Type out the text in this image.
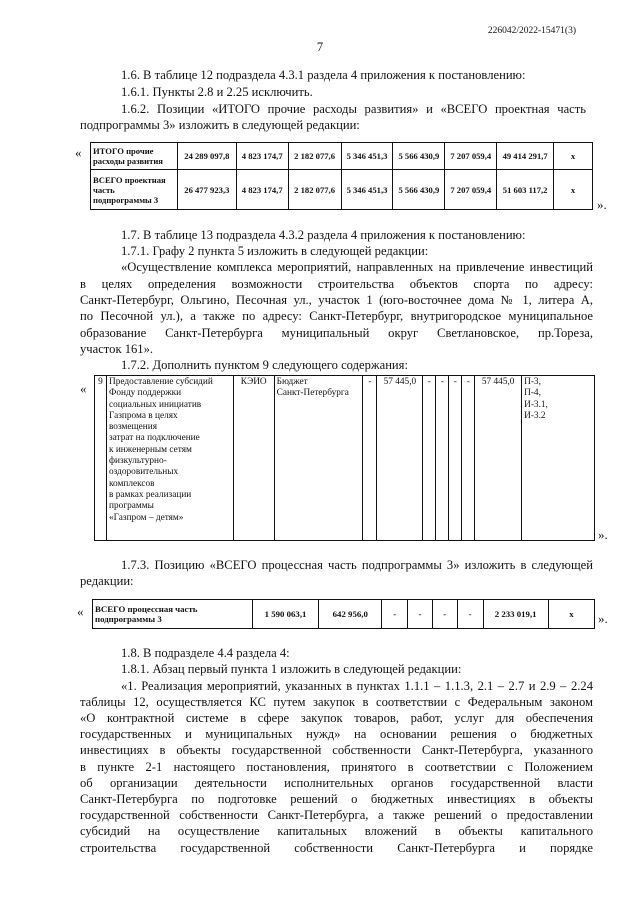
226042/2022-15471(3)
7
1.6. В таблице 12 подраздела 4.3.1 раздела 4 приложения к постановлению:
1.6.1. Пункты 2.8 и 2.25 исключить.
1.6.2. Позиции «ИТОГО прочие расходы развития» и «ВСЕГО проектная часть
подпрограммы 3» изложить в следующей редакции:
« ИТОГО прочие расходы развития	24 289 097,8	4 823 174,7	2 182 077,6	5 346 451,3	5 566 430,9	7 207 059,4	49 414 291,7	х
ВСЕГО проектная часть подпрограммы 3	26 477 923,3	4 823 174,7	2 182 077,6	5 346 451,3	5 566 430,9	7 207 059,4	51 603 117,2	х
».
1.7. В таблице 13 подраздела 4.3.2 раздела 4 приложения к постановлению:
1.7.1. Графу 2 пункта 5 изложить в следующей редакции:
«Осуществление комплекса мероприятий, направленных на привлечение инвестиций
в целях определения возможности строительства объектов спорта по адресу:
Санкт-Петербург, Ольгино, Песочная ул., участок 1 (юго-восточнее дома № 1, литера А,
по Песочной ул.), а также по адресу: Санкт-Петербург, внутригородское муниципальное
образование Санкт-Петербурга муниципальный округ Светлановское, пр.Тореза,
участок 161».
1.7.2. Дополнить пунктом 9 следующего содержания:
« 9	Предоставление субсидий
Фонду поддержки
социальных инициатив
Газпрома в целях
возмещения
затрат на подключение
к инженерным сетям
физкультурно-
оздоровительных
комплексов
в рамках реализации
программы
«Газпром – детям»
	КЭИО	Бюджет
Санкт-Петербурга
	-	57 445,0	-	-	-	-	57 445,0	П-3,
П-4,
И-3.1,
И-3.2
».
1.7.3. Позицию «ВСЕГО процессная часть подпрограммы 3» изложить в следующей
редакции:
« ВСЕГО процессная часть подпрограммы 3	1 590 063,1	642 956,0	-	-	-	-	2 233 019,1	х ».
1.8. В подразделе 4.4 раздела 4:
1.8.1. Абзац первый пункта 1 изложить в следующей редакции:
«1. Реализация мероприятий, указанных в пунктах 1.1.1 – 1.1.3, 2.1 – 2.7 и 2.9 – 2.24
таблицы 12, осуществляется КС путем закупок в соответствии с Федеральным законом
«О контрактной системе в сфере закупок товаров, работ, услуг для обеспечения
государственных и муниципальных нужд» на основании решения о бюджетных
инвестициях в объекты государственной собственности Санкт-Петербурга, указанного
в пункте 2-1 настоящего постановления, принятого в соответствии с Положением
об организации деятельности исполнительных органов государственной власти
Санкт-Петербурга по подготовке решений о бюджетных инвестициях в объекты
государственной собственности Санкт-Петербурга, а также решений о предоставлении
субсидий на осуществление капитальных вложений в объекты капитального
строительства государственной собственности Санкт-Петербурга и порядке
